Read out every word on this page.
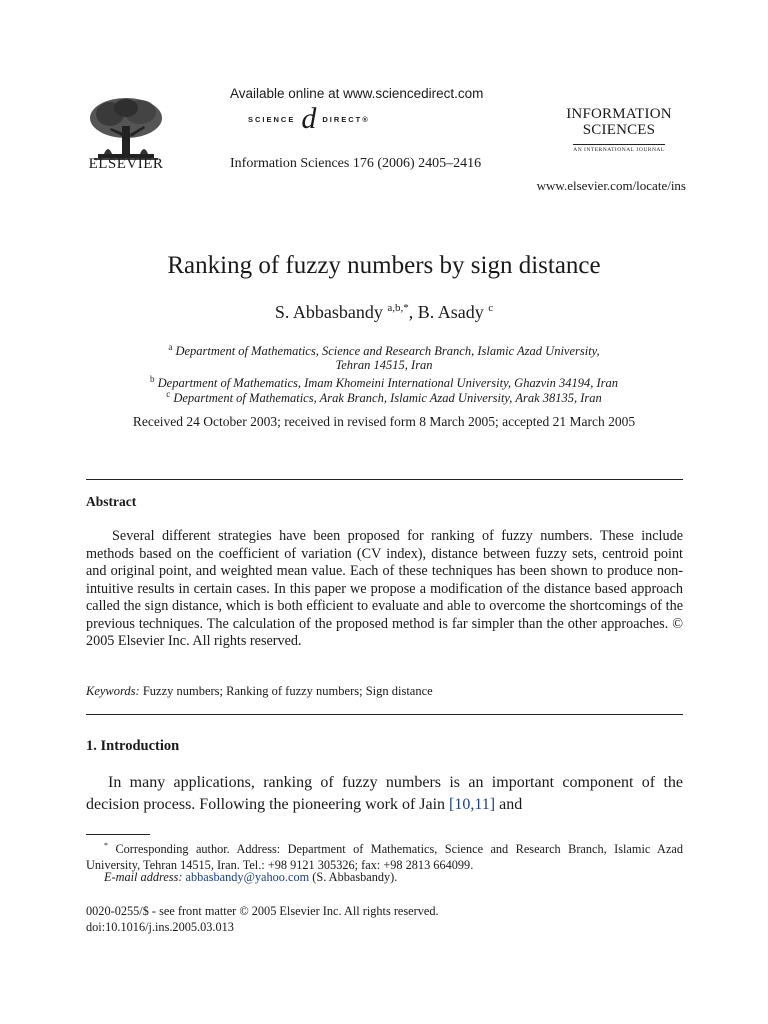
ELSEVIER
Available online at www.sciencedirect.com
SCIENCE d DIRECT®
Information Sciences 176 (2006) 2405–2416
INFORMATION
SCIENCES
AN INTERNATIONAL JOURNAL
www.elsevier.com/locate/ins
Ranking of fuzzy numbers by sign distance
S. Abbasbandy $^{a,b,*}$, B. Asady $^c$
$^a$ Department of Mathematics, Science and Research Branch, Islamic Azad University,
Tehran 14515, Iran
$^b$ Department of Mathematics, Imam Khomeini International University, Ghazvin 34194, Iran
$^c$ Department of Mathematics, Arak Branch, Islamic Azad University, Arak 38135, Iran
Received 24 October 2003; received in revised form 8 March 2005; accepted 21 March 2005
Abstract
Several different strategies have been proposed for ranking of fuzzy numbers. These include methods based on the coefficient of variation (CV index), distance between fuzzy sets, centroid point and original point, and weighted mean value. Each of these techniques has been shown to produce non-intuitive results in certain cases. In this paper we propose a modification of the distance based approach called the sign distance, which is both efficient to evaluate and able to overcome the shortcomings of the previous techniques. The calculation of the proposed method is far simpler than the other approaches. © 2005 Elsevier Inc. All rights reserved.
Keywords: Fuzzy numbers; Ranking of fuzzy numbers; Sign distance
1. Introduction
In many applications, ranking of fuzzy numbers is an important component of the decision process. Following the pioneering work of Jain [10,11] and
* Corresponding author. Address: Department of Mathematics, Science and Research Branch, Islamic Azad University, Tehran 14515, Iran. Tel.: +98 9121 305326; fax: +98 2813 664099.
E-mail address: abbasbandy@yahoo.com (S. Abbasbandy).
0020-0255/$ - see front matter © 2005 Elsevier Inc. All rights reserved.
doi:10.1016/j.ins.2005.03.013
